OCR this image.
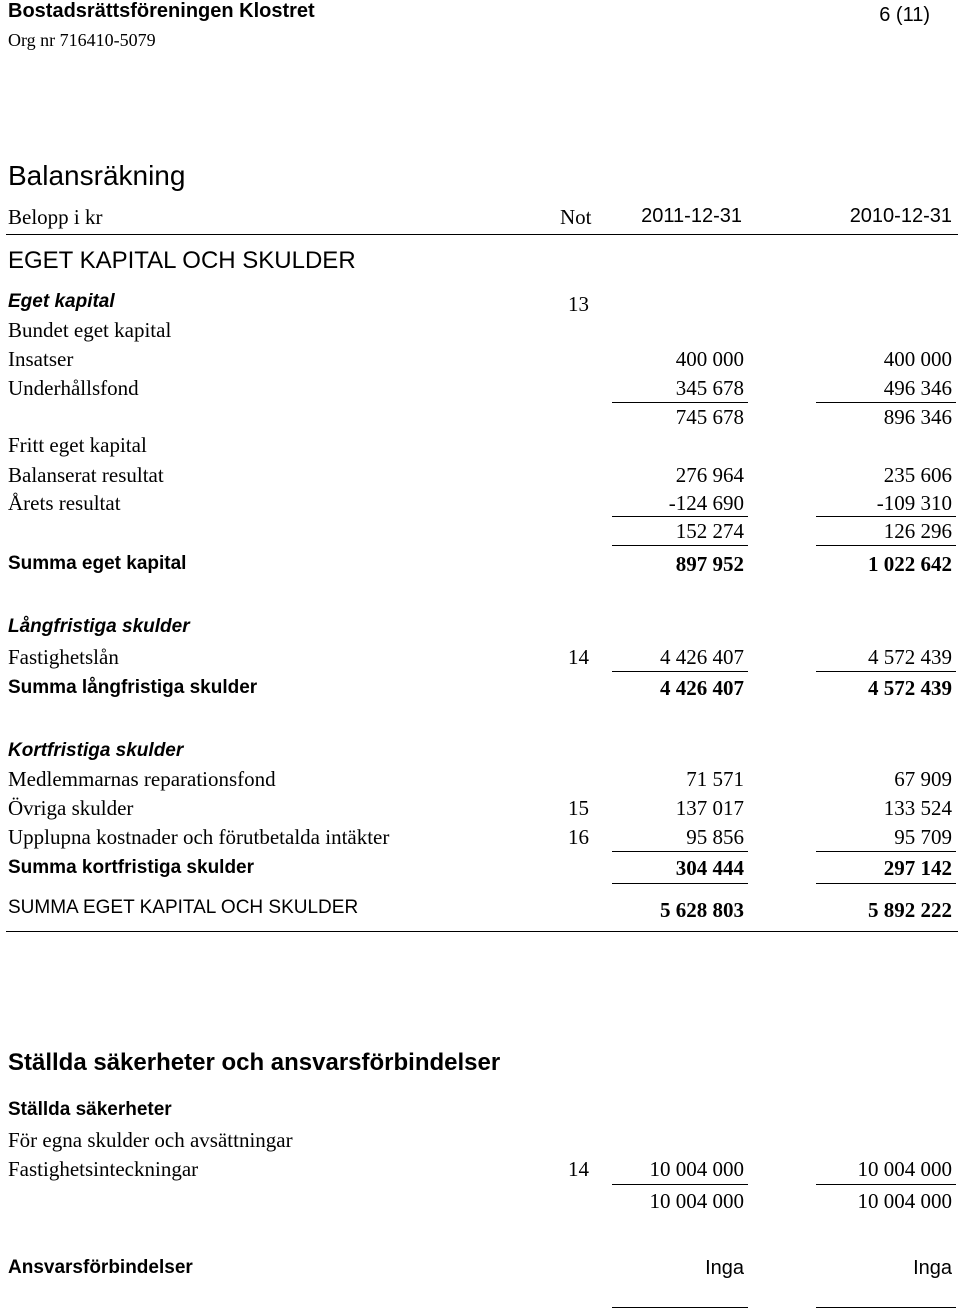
Bostadsrättsföreningen Klostret
Org nr 716410-5079
6 (11)
Balansräkning
Belopp i kr	Not 2011-12-31	2010-12-31
EGET KAPITAL OCH SKULDER
Eget kapital	13
Bundet eget kapital
Insatser	400 000	400 000
Underhållsfond	345 678	496 346
745 678	896 346
Fritt eget kapital
Balanserat resultat	276 964	235 606
Årets resultat	-124 690	-109 310
152 274	126 296
Summa eget kapital	897 952	1 022 642
Långfristiga skulder
Fastighetslån	14	4 426 407	4 572 439
Summa långfristiga skulder	4 426 407	4 572 439
Kortfristiga skulder
Medlemmarnas reparationsfond	71 571	67 909
Övriga skulder	15	137 017	133 524
Upplupna kostnader och förutbetalda intäkter	16	95 856	95 709
Summa kortfristiga skulder	304 444	297 142
SUMMA EGET KAPITAL OCH SKULDER	5 628 803	5 892 222
Ställda säkerheter och ansvarsförbindelser
Ställda säkerheter
För egna skulder och avsättningar
Fastighetsinteckningar	14	10 004 000	10 004 000
10 004 000	10 004 000
Ansvarsförbindelser	Inga	Inga
